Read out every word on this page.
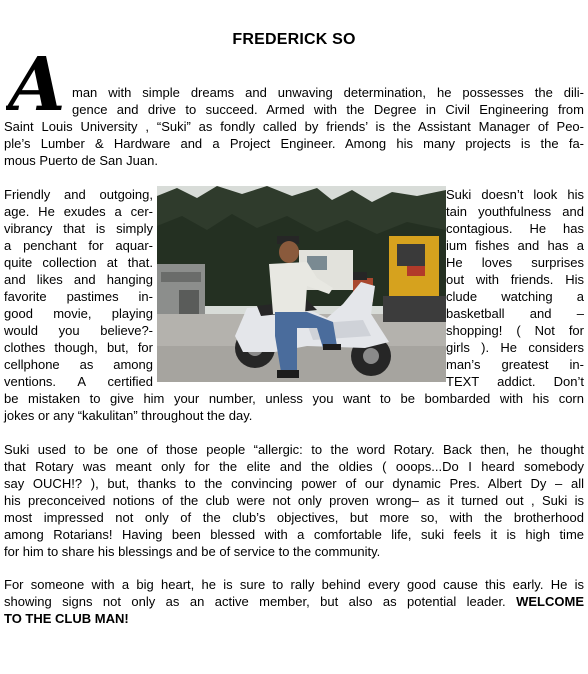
FREDERICK SO
A man with simple dreams and unwaving determination, he possesses the dili-
gence and drive to succeed. Armed with the Degree in Civil Engineering from
Saint Louis University , “Suki” as fondly called by friends’ is the Assistant Manager of Peo-
ple’s Lumber & Hardware and a Project Engineer. Among his many projects is the fa-
mous Puerto de San Juan.
Friendly and outgoing,
age. He exudes a cer-
vibrancy that is simply
a penchant for aquar-
quite collection at that.
and likes and hanging
favorite pastimes in-
good movie, playing
would you believe?-
clothes though, but, for
cellphone as among
ventions. A certified
Suki doesn’t look his
tain youthfulness and
contagious. He has
ium fishes and has a
He loves surprises
out with friends. His
clude watching a
basketball and –
shopping! ( Not for
girls ). He considers
man’s greatest in-
TEXT addict. Don’t
be mistaken to give him your number, unless you want to be bombarded with his corn
jokes or any “kakulitan” throughout the day.
Suki used to be one of those people “allergic: to the word Rotary. Back then, he thought
that Rotary was meant only for the elite and the oldies ( ooops...Do I heard somebody
say OUCH!? ), but, thanks to the convincing power of our dynamic Pres. Albert Dy – all
his preconceived notions of the club were not only proven wrong– as it turned out , Suki is
most impressed not only of the club’s objectives, but more so, with the brotherhood
among Rotarians! Having been blessed with a comfortable life, suki feels it is high time
for him to share his blessings and be of service to the community.
For someone with a big heart, he is sure to rally behind every good cause this early. He is
showing signs not only as an active member, but also as potential leader. WELCOME
TO THE CLUB MAN!
